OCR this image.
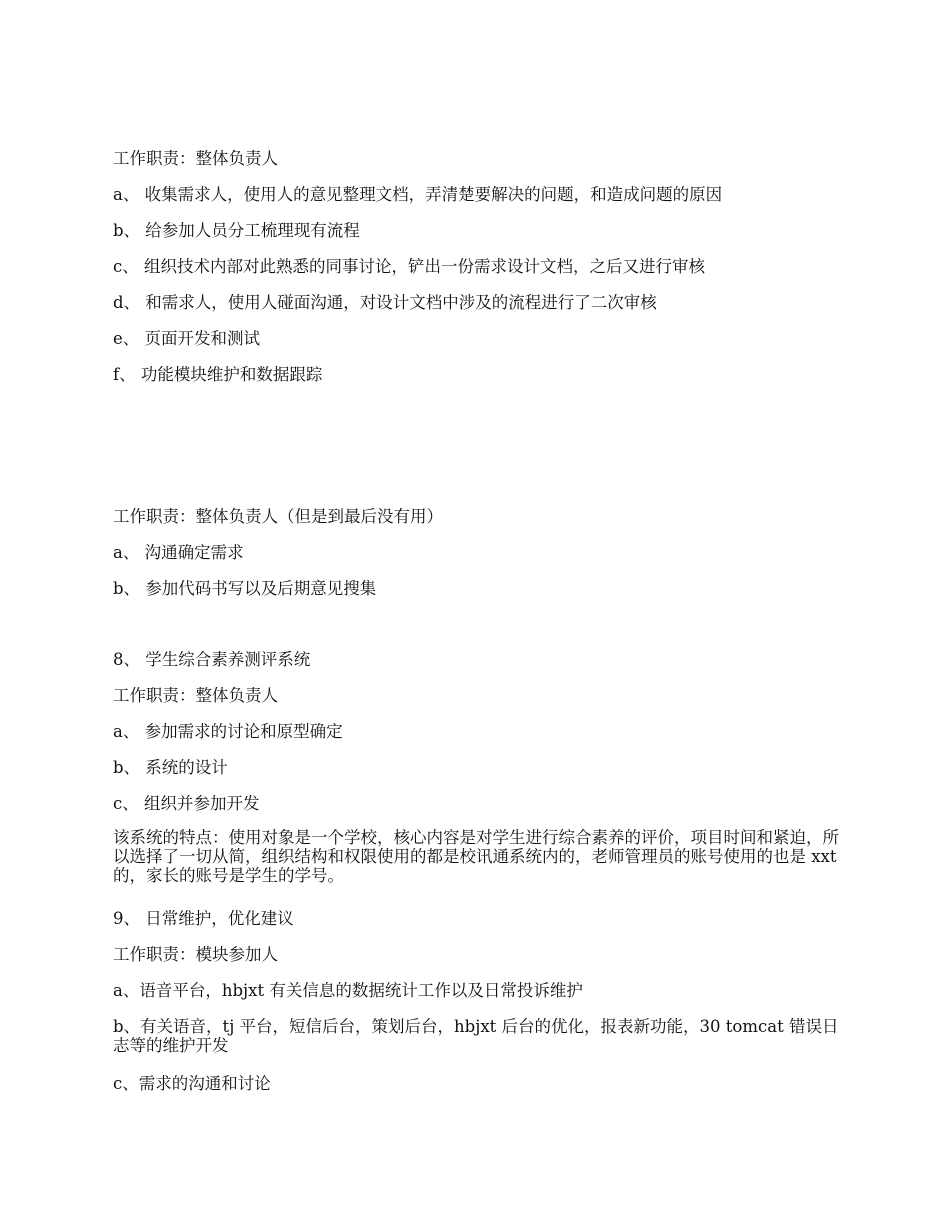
工作职责：整体负责人
a、 收集需求人，使用人的意见整理文档，弄清楚要解决的问题，和造成问题的原因
b、 给参加人员分工梳理现有流程
c、 组织技术内部对此熟悉的同事讨论，铲出一份需求设计文档，之后又进行审核
d、 和需求人，使用人碰面沟通，对设计文档中涉及的流程进行了二次审核
e、 页面开发和测试
f、 功能模块维护和数据跟踪
工作职责：整体负责人（但是到最后没有用）
a、 沟通确定需求
b、 参加代码书写以及后期意见搜集
8、 学生综合素养测评系统
工作职责：整体负责人
a、 参加需求的讨论和原型确定
b、 系统的设计
c、 组织并参加开发
该系统的特点：使用对象是一个学校，核心内容是对学生进行综合素养的评价，项目时间和紧迫，所以选择了一切从简，组织结构和权限使用的都是校讯通系统内的，老师管理员的账号使用的也是 xxt 的，家长的账号是学生的学号。
9、 日常维护，优化建议
工作职责：模块参加人
a、语音平台，hbjxt 有关信息的数据统计工作以及日常投诉维护
b、有关语音，tj 平台，短信后台，策划后台，hbjxt 后台的优化，报表新功能，30 tomcat 错误日志等的维护开发
c、需求的沟通和讨论
